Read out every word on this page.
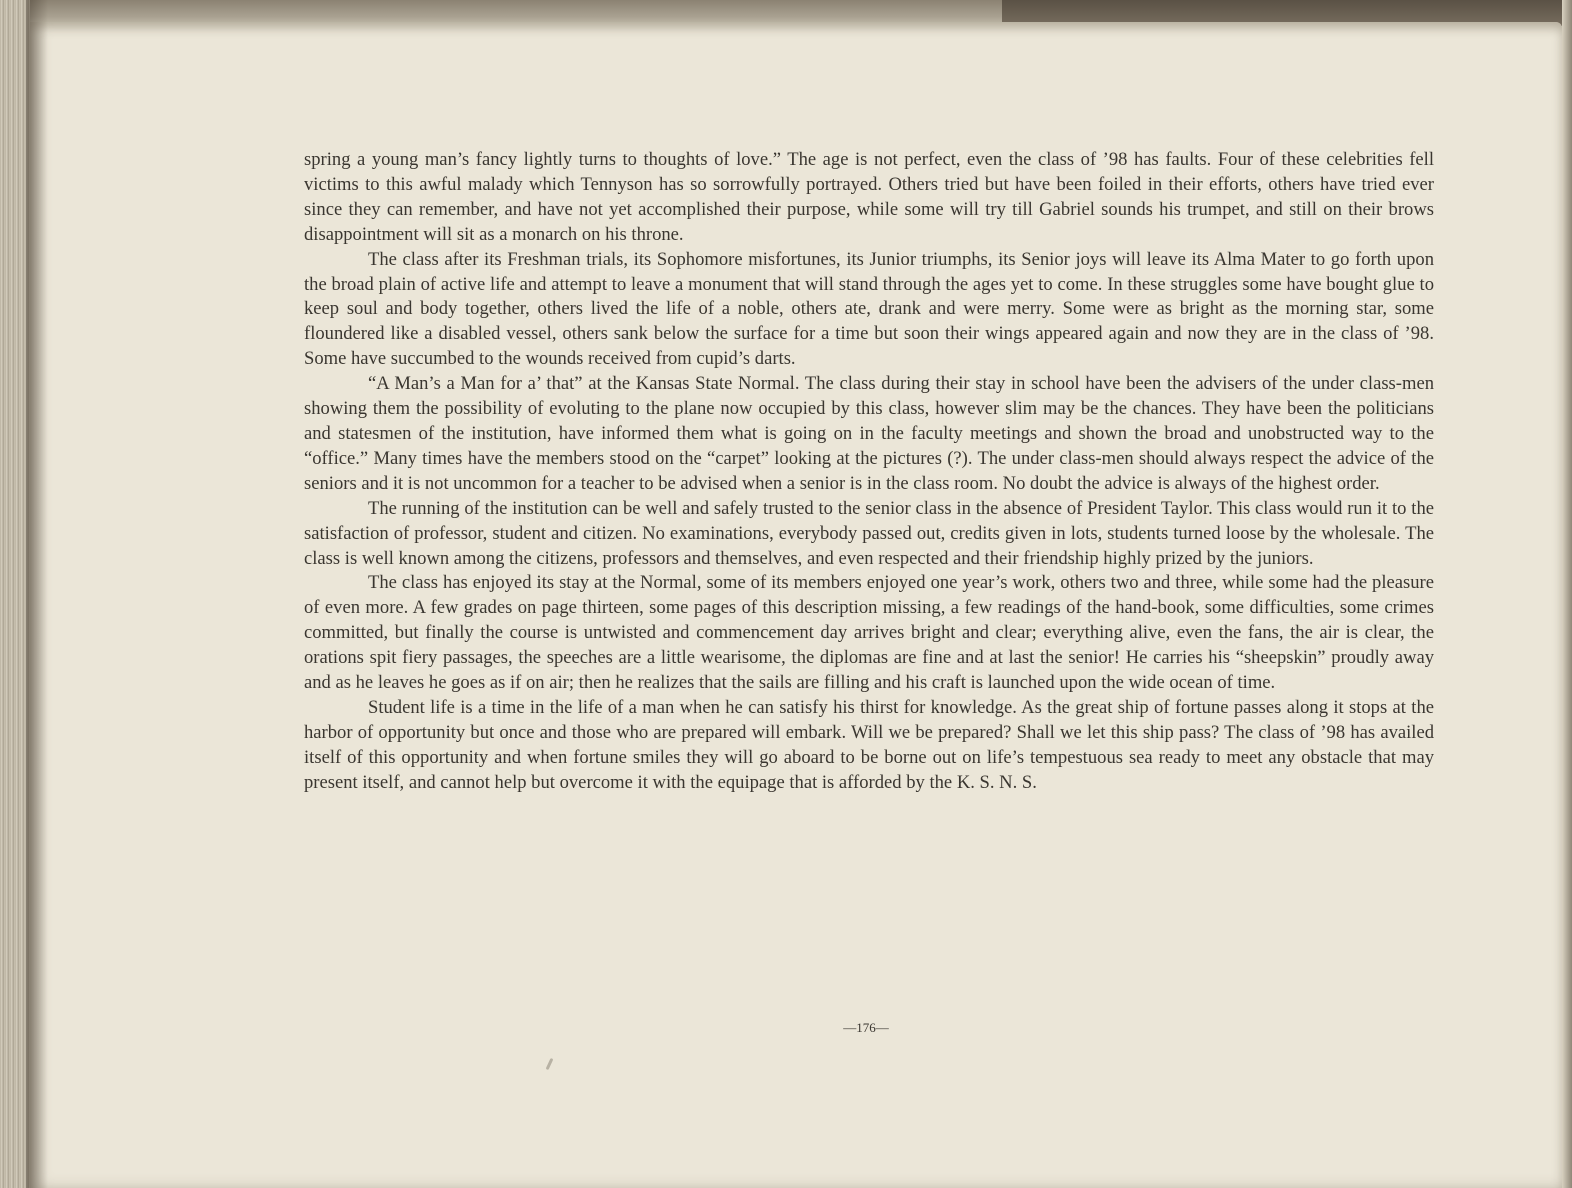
spring a young man’s fancy lightly turns to thoughts of love.” The age is not perfect, even the class of ’98 has faults. Four of these celebrities fell victims to this awful malady which Tennyson has so sorrowfully portrayed. Others tried but have been foiled in their efforts, others have tried ever since they can remember, and have not yet accomplished their purpose, while some will try till Gabriel sounds his trumpet, and still on their brows disappointment will sit as a monarch on his throne.

The class after its Freshman trials, its Sophomore misfortunes, its Junior triumphs, its Senior joys will leave its Alma Mater to go forth upon the broad plain of active life and attempt to leave a monument that will stand through the ages yet to come. In these struggles some have bought glue to keep soul and body together, others lived the life of a noble, others ate, drank and were merry. Some were as bright as the morning star, some floundered like a disabled vessel, others sank below the surface for a time but soon their wings appeared again and now they are in the class of ’98. Some have succumbed to the wounds received from cupid’s darts.

“A Man’s a Man for a’ that” at the Kansas State Normal. The class during their stay in school have been the advisers of the under class-men showing them the possibility of evoluting to the plane now occupied by this class, however slim may be the chances. They have been the politicians and statesmen of the institution, have informed them what is going on in the faculty meetings and shown the broad and unobstructed way to the “office.” Many times have the members stood on the “carpet” looking at the pictures (?). The under class-men should always respect the advice of the seniors and it is not uncommon for a teacher to be advised when a senior is in the class room. No doubt the advice is always of the highest order.

The running of the institution can be well and safely trusted to the senior class in the absence of President Taylor. This class would run it to the satisfaction of professor, student and citizen. No examinations, everybody passed out, credits given in lots, students turned loose by the wholesale. The class is well known among the citizens, professors and themselves, and even respected and their friendship highly prized by the juniors.

The class has enjoyed its stay at the Normal, some of its members enjoyed one year’s work, others two and three, while some had the pleasure of even more. A few grades on page thirteen, some pages of this description missing, a few readings of the hand-book, some difficulties, some crimes committed, but finally the course is untwisted and commencement day arrives bright and clear; everything alive, even the fans, the air is clear, the orations spit fiery passages, the speeches are a little wearisome, the diplomas are fine and at last the senior! He carries his “sheepskin” proudly away and as he leaves he goes as if on air; then he realizes that the sails are filling and his craft is launched upon the wide ocean of time.

Student life is a time in the life of a man when he can satisfy his thirst for knowledge. As the great ship of fortune passes along it stops at the harbor of opportunity but once and those who are prepared will embark. Will we be prepared? Shall we let this ship pass? The class of ’98 has availed itself of this opportunity and when fortune smiles they will go aboard to be borne out on life’s tempestuous sea ready to meet any obstacle that may present itself, and cannot help but overcome it with the equipage that is afforded by the K. S. N. S.

—176—
